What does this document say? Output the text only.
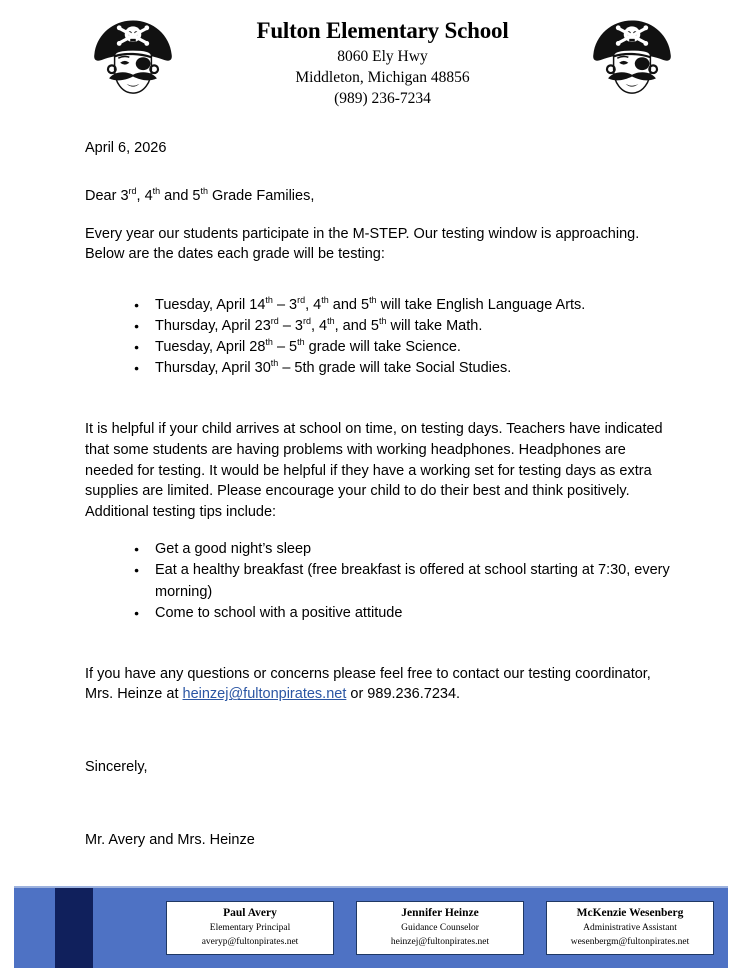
Fulton Elementary School

8060 Ely Hwy

Middleton, Michigan 48856

(989) 236-7234

April 6, 2026

Dear 3rd, 4th and 5th Grade Families,

Every year our students participate in the M-STEP. Our testing window is approaching. Below are the dates each grade will be testing:

● Tuesday, April 14th – 3rd, 4th and 5th will take English Language Arts.
● Thursday, April 23rd – 3rd, 4th, and 5th will take Math.
● Tuesday, April 28th – 5th grade will take Science.
● Thursday, April 30th – 5th grade will take Social Studies.

It is helpful if your child arrives at school on time, on testing days. Teachers have indicated that some students are having problems with working headphones. Headphones are needed for testing. It would be helpful if they have a working set for testing days as extra supplies are limited. Please encourage your child to do their best and think positively. Additional testing tips include:

● Get a good night’s sleep
● Eat a healthy breakfast (free breakfast is offered at school starting at 7:30, every morning)
● Come to school with a positive attitude

If you have any questions or concerns please feel free to contact our testing coordinator, Mrs. Heinze at heinzej@fultonpirates.net or 989.236.7234.

Sincerely,

Mr. Avery and Mrs. Heinze

Paul Avery
Elementary Principal
averyp@fultonpirates.net
Jennifer Heinze
Guidance Counselor
heinzej@fultonpirates.net
McKenzie Wesenberg
Administrative Assistant
wesenbergm@fultonpirates.net
